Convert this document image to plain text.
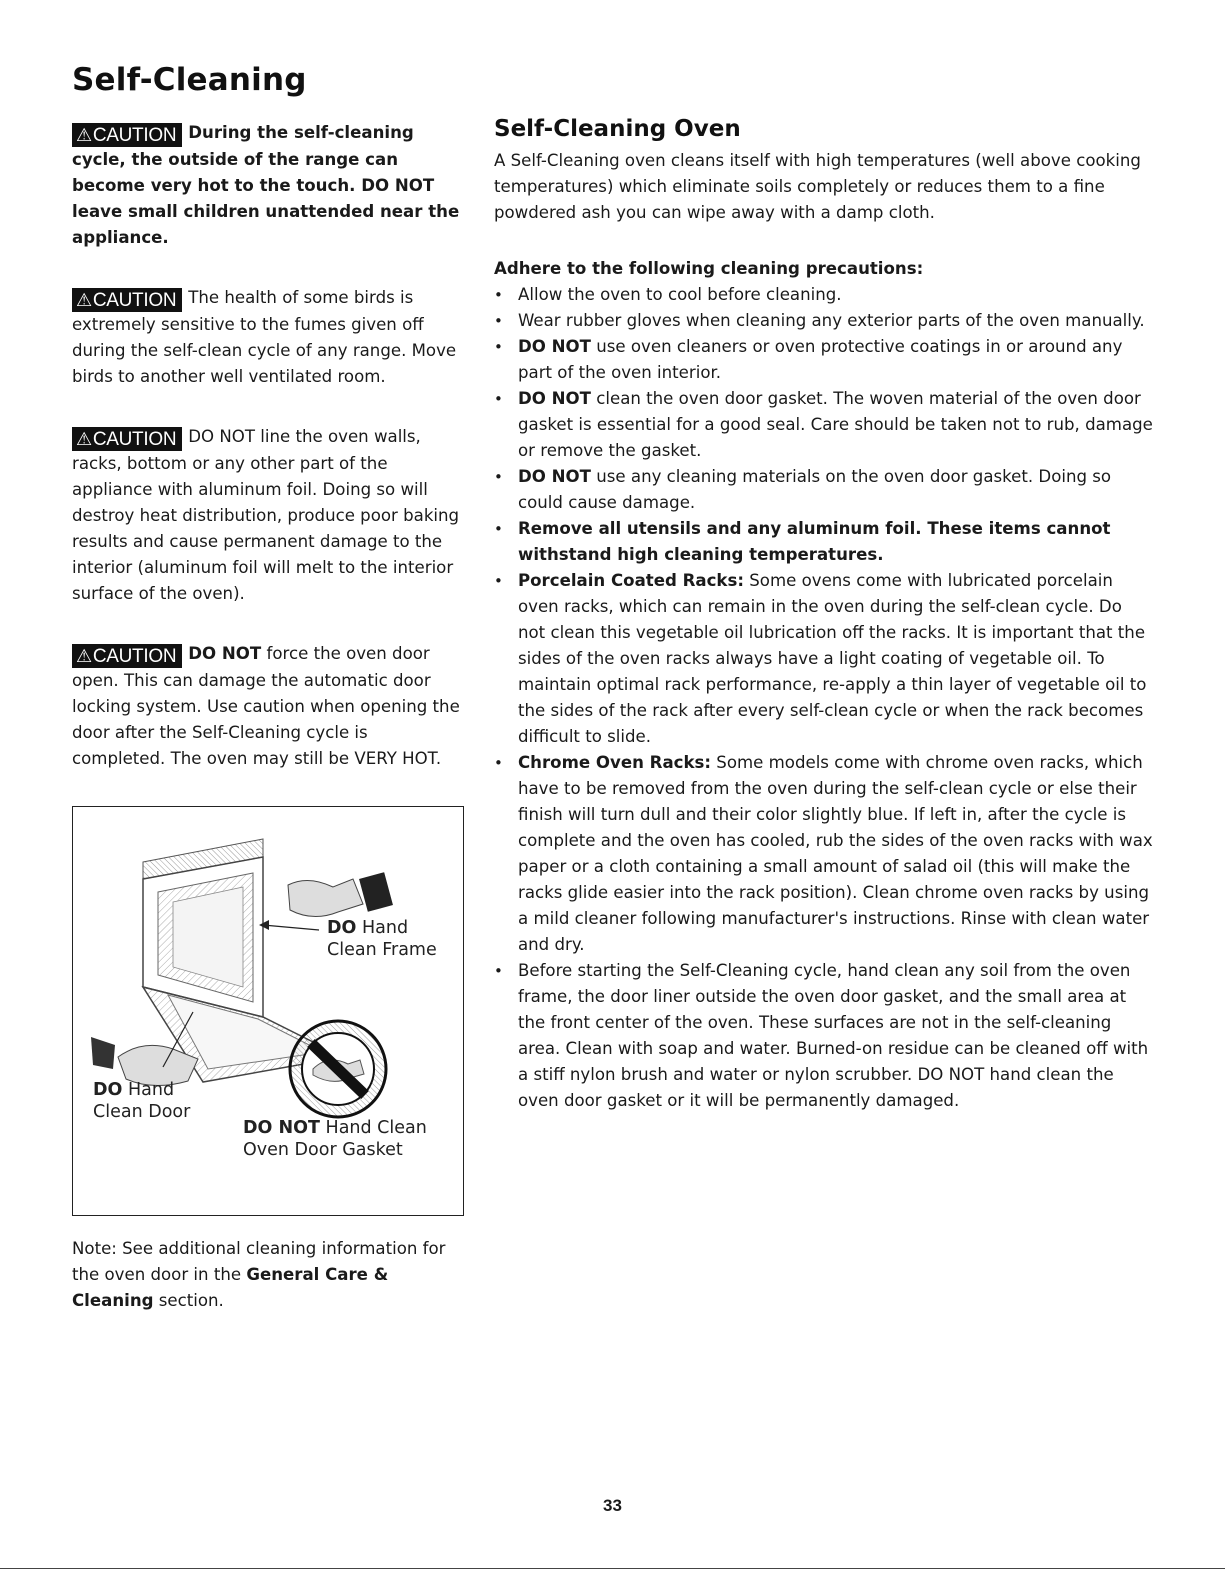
Self-Cleaning

⚠CAUTION During the self-cleaning cycle, the outside of the range can become very hot to the touch. DO NOT leave small children unattended near the appliance.

⚠CAUTION The health of some birds is extremely sensitive to the fumes given off during the self-clean cycle of any range. Move birds to another well ventilated room.

⚠CAUTION DO NOT line the oven walls, racks, bottom or any other part of the appliance with aluminum foil. Doing so will destroy heat distribution, produce poor baking results and cause permanent damage to the interior (aluminum foil will melt to the interior surface of the oven).

⚠CAUTION DO NOT force the oven door open. This can damage the automatic door locking system. Use caution when opening the door after the Self-Cleaning cycle is completed. The oven may still be VERY HOT.

DO Hand
Clean Frame
DO Hand
Clean Door
DO NOT Hand Clean
Oven Door Gasket

Note: See additional cleaning information for the oven door in the General Care & Cleaning section.

Self-Cleaning Oven

A Self-Cleaning oven cleans itself with high temperatures (well above cooking temperatures) which eliminate soils completely or reduces them to a fine powdered ash you can wipe away with a damp cloth.

Adhere to the following cleaning precautions:

• Allow the oven to cool before cleaning.
• Wear rubber gloves when cleaning any exterior parts of the oven manually.
• DO NOT use oven cleaners or oven protective coatings in or around any part of the oven interior.
• DO NOT clean the oven door gasket. The woven material of the oven door gasket is essential for a good seal. Care should be taken not to rub, damage or remove the gasket.
• DO NOT use any cleaning materials on the oven door gasket. Doing so could cause damage.
• Remove all utensils and any aluminum foil. These items cannot withstand high cleaning temperatures.
• Porcelain Coated Racks: Some ovens come with lubricated porcelain oven racks, which can remain in the oven during the self-clean cycle. Do not clean this vegetable oil lubrication off the racks. It is important that the sides of the oven racks always have a light coating of vegetable oil. To maintain optimal rack performance, re-apply a thin layer of vegetable oil to the sides of the rack after every self-clean cycle or when the rack becomes difficult to slide.
• Chrome Oven Racks: Some models come with chrome oven racks, which have to be removed from the oven during the self-clean cycle or else their finish will turn dull and their color slightly blue. If left in, after the cycle is complete and the oven has cooled, rub the sides of the oven racks with wax paper or a cloth containing a small amount of salad oil (this will make the racks glide easier into the rack position). Clean chrome oven racks by using a mild cleaner following manufacturer's instructions. Rinse with clean water and dry.
• Before starting the Self-Cleaning cycle, hand clean any soil from the oven frame, the door liner outside the oven door gasket, and the small area at the front center of the oven. These surfaces are not in the self-cleaning area. Clean with soap and water. Burned-on residue can be cleaned off with a stiff nylon brush and water or nylon scrubber. DO NOT hand clean the oven door gasket or it will be permanently damaged.
33
